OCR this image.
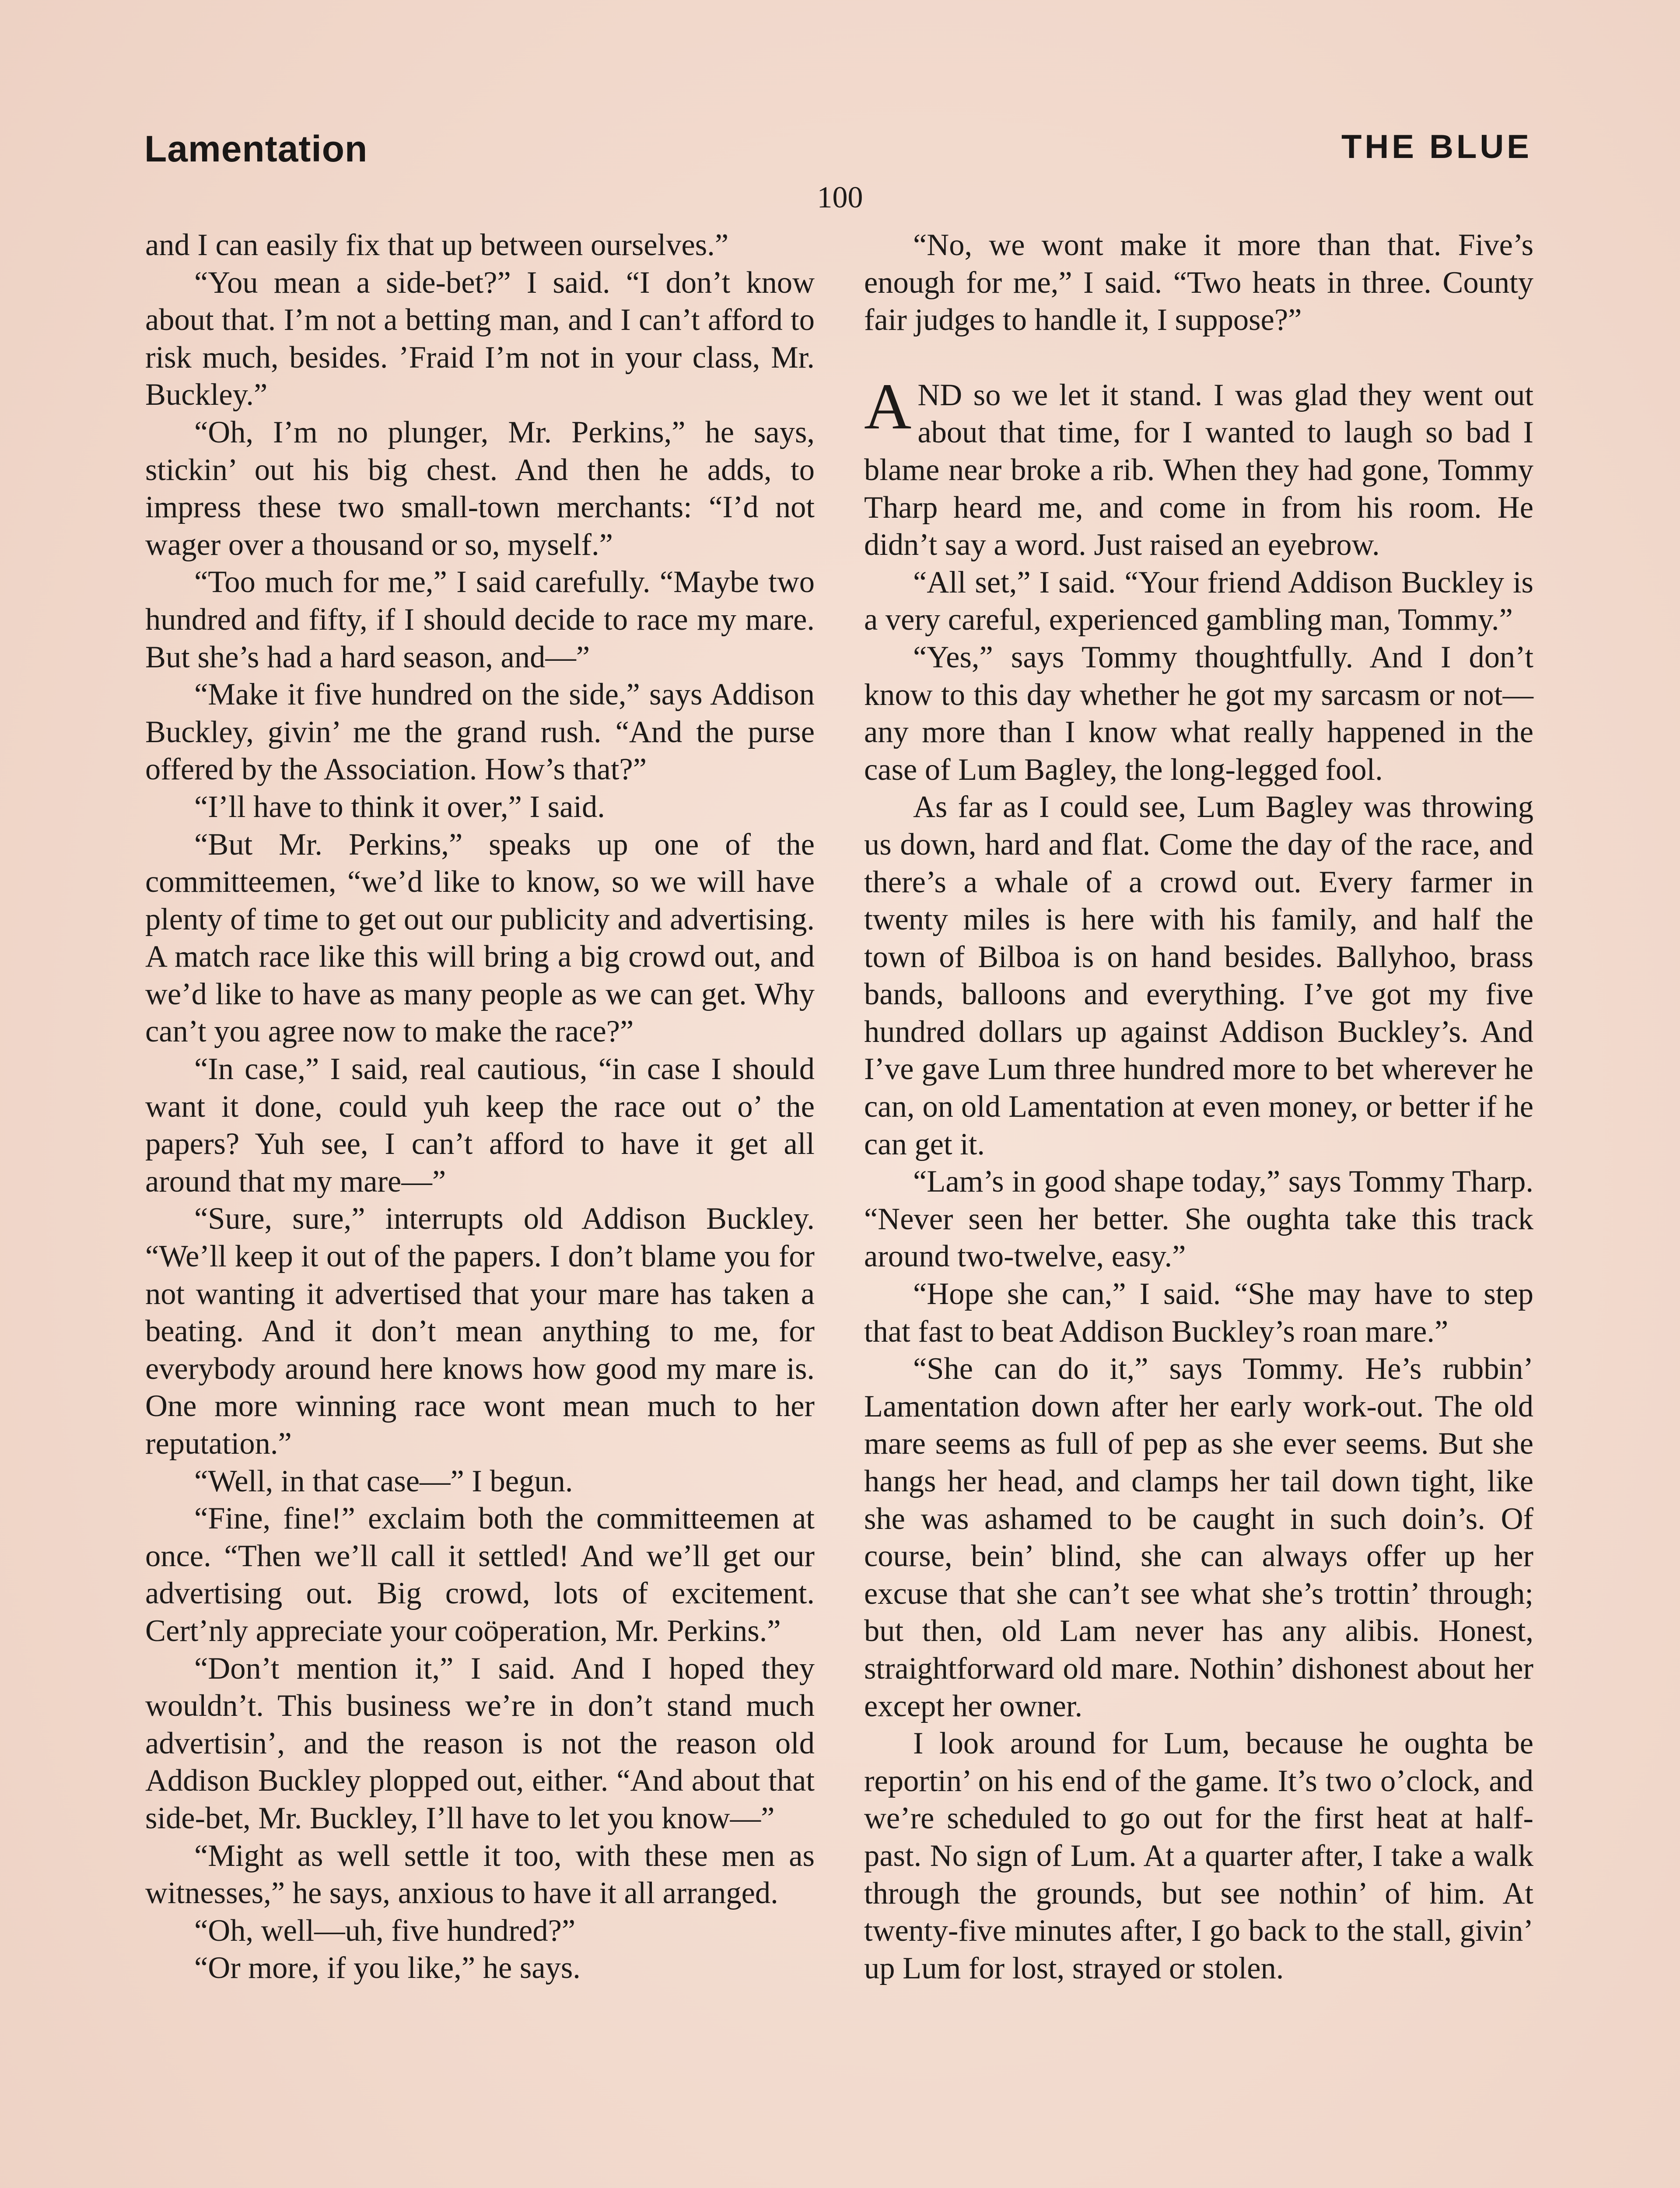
Lamentation	THE BLUE
100

and I can easily fix that up between ourselves.”

“You mean a side-bet?” I said. “I don’t know about that. I’m not a betting man, and I can’t afford to risk much, besides. ’Fraid I’m not in your class, Mr. Buckley.”

“Oh, I’m no plunger, Mr. Perkins,” he says, stickin’ out his big chest. And then he adds, to impress these two small-town merchants: “I’d not wager over a thousand or so, myself.”

“Too much for me,” I said carefully. “Maybe two hundred and fifty, if I should decide to race my mare. But she’s had a hard season, and—”

“Make it five hundred on the side,” says Addison Buckley, givin’ me the grand rush. “And the purse offered by the Association. How’s that?”

“I’ll have to think it over,” I said.

“But Mr. Perkins,” speaks up one of the committeemen, “we’d like to know, so we will have plenty of time to get out our publicity and advertising. A match race like this will bring a big crowd out, and we’d like to have as many people as we can get. Why can’t you agree now to make the race?”

“In case,” I said, real cautious, “in case I should want it done, could yuh keep the race out o’ the papers? Yuh see, I can’t afford to have it get all around that my mare—”

“Sure, sure,” interrupts old Addison Buckley. “We’ll keep it out of the papers. I don’t blame you for not wanting it advertised that your mare has taken a beating. And it don’t mean anything to me, for everybody around here knows how good my mare is. One more winning race wont mean much to her reputation.”

“Well, in that case—” I begun.

“Fine, fine!” exclaim both the committeemen at once. “Then we’ll call it settled! And we’ll get our advertising out. Big crowd, lots of excitement. Cert’nly appreciate your coöperation, Mr. Perkins.”

“Don’t mention it,” I said. And I hoped they wouldn’t. This business we’re in don’t stand much advertisin’, and the reason is not the reason old Addison Buckley plopped out, either. “And about that side-bet, Mr. Buckley, I’ll have to let you know—”

“Might as well settle it too, with these men as witnesses,” he says, anxious to have it all arranged.

“Oh, well—uh, five hundred?”

“Or more, if you like,” he says.

“No, we wont make it more than that. Five’s enough for me,” I said. “Two heats in three. County fair judges to handle it, I suppose?”

AND so we let it stand. I was glad they went out about that time, for I wanted to laugh so bad I blame near broke a rib. When they had gone, Tommy Tharp heard me, and come in from his room. He didn’t say a word. Just raised an eyebrow.

“All set,” I said. “Your friend Addison Buckley is a very careful, experienced gambling man, Tommy.”

“Yes,” says Tommy thoughtfully. And I don’t know to this day whether he got my sarcasm or not—any more than I know what really happened in the case of Lum Bagley, the long-legged fool.

As far as I could see, Lum Bagley was throwing us down, hard and flat. Come the day of the race, and there’s a whale of a crowd out. Every farmer in twenty miles is here with his family, and half the town of Bilboa is on hand besides. Ballyhoo, brass bands, balloons and everything. I’ve got my five hundred dollars up against Addison Buckley’s. And I’ve gave Lum three hundred more to bet wherever he can, on old Lamentation at even money, or better if he can get it.

“Lam’s in good shape today,” says Tommy Tharp. “Never seen her better. She oughta take this track around two-twelve, easy.”

“Hope she can,” I said. “She may have to step that fast to beat Addison Buckley’s roan mare.”

“She can do it,” says Tommy. He’s rubbin’ Lamentation down after her early work-out. The old mare seems as full of pep as she ever seems. But she hangs her head, and clamps her tail down tight, like she was ashamed to be caught in such doin’s. Of course, bein’ blind, she can always offer up her excuse that she can’t see what she’s trottin’ through; but then, old Lam never has any alibis. Honest, straightforward old mare. Nothin’ dishonest about her except her owner.

I look around for Lum, because he oughta be reportin’ on his end of the game. It’s two o’clock, and we’re scheduled to go out for the first heat at half-past. No sign of Lum. At a quarter after, I take a walk through the grounds, but see nothin’ of him. At twenty-five minutes after, I go back to the stall, givin’ up Lum for lost, strayed or stolen.
